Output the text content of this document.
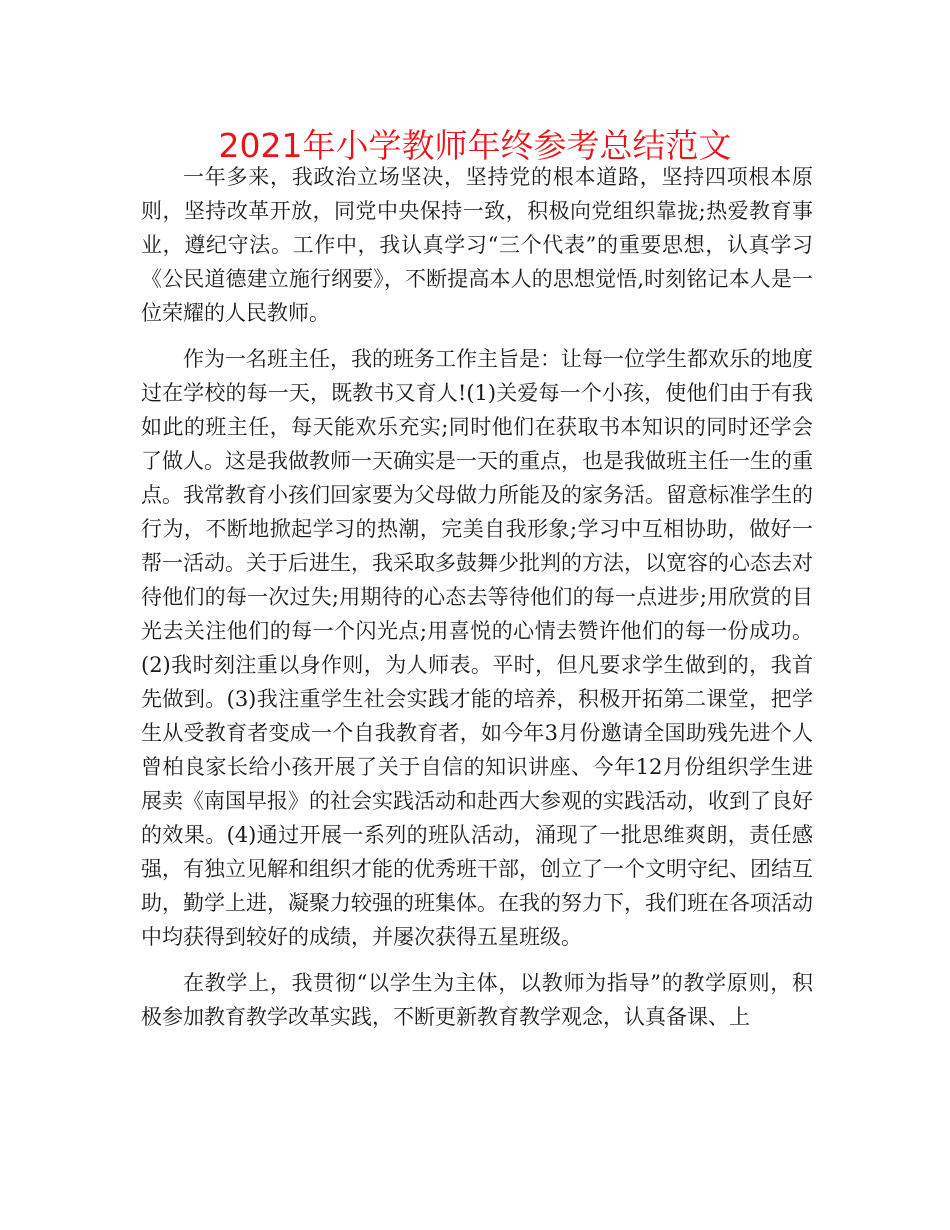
2021年小学教师年终参考总结范文

一年多来，我政治立场坚决，坚持党的根本道路，坚持四项根本原则，坚持改革开放，同党中央保持一致，积极向党组织靠拢;热爱教育事业，遵纪守法。工作中，我认真学习“三个代表”的重要思想，认真学习《公民道德建立施行纲要》，不断提高本人的思想觉悟,时刻铭记本人是一位荣耀的人民教师。

作为一名班主任，我的班务工作主旨是：让每一位学生都欢乐的地度过在学校的每一天，既教书又育人!(1)关爱每一个小孩，使他们由于有我如此的班主任，每天能欢乐充实;同时他们在获取书本知识的同时还学会了做人。这是我做教师一天确实是一天的重点，也是我做班主任一生的重点。我常教育小孩们回家要为父母做力所能及的家务活。留意标准学生的行为，不断地掀起学习的热潮，完美自我形象;学习中互相协助，做好一帮一活动。关于后进生，我采取多鼓舞少批判的方法，以宽容的心态去对待他们的每一次过失;用期待的心态去等待他们的每一点进步;用欣赏的目光去关注他们的每一个闪光点;用喜悦的心情去赞许他们的每一份成功。(2)我时刻注重以身作则，为人师表。平时，但凡要求学生做到的，我首先做到。(3)我注重学生社会实践才能的培养，积极开拓第二课堂，把学生从受教育者变成一个自我教育者，如今年3月份邀请全国助残先进个人曾柏良家长给小孩开展了关于自信的知识讲座、今年12月份组织学生进展卖《南国早报》的社会实践活动和赴西大参观的实践活动，收到了良好的效果。(4)通过开展一系列的班队活动，涌现了一批思维爽朗，责任感强，有独立见解和组织才能的优秀班干部，创立了一个文明守纪、团结互助，勤学上进，凝聚力较强的班集体。在我的努力下，我们班在各项活动中均获得到较好的成绩，并屡次获得五星班级。

在教学上，我贯彻“以学生为主体，以教师为指导”的教学原则，积极参加教育教学改革实践，不断更新教育教学观念，认真备课、上
